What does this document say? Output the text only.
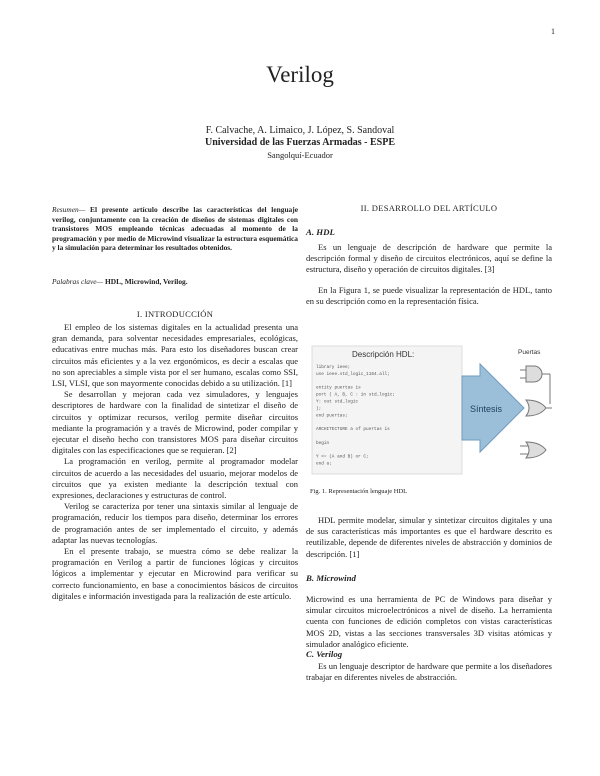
1
Verilog
F. Calvache, A. Limaico, J. López, S. Sandoval
Universidad de las Fuerzas Armadas - ESPE
Sangolquí-Ecuador
Resumen— El presente artículo describe las características del lenguaje verilog, conjuntamente con la creación de diseños de sistemas digitales con transistores MOS empleando técnicas adecuadas al momento de la programación y por medio de Microwind visualizar la estructura esquemática y la simulación para determinar los resultados obtenidos.
Palabras clave— HDL, Microwind, Verilog.
I. INTRODUCCIÓN

El empleo de los sistemas digitales en la actualidad presenta una gran demanda, para solventar necesidades empresariales, ecológicas, educativas entre muchas más. Para esto los diseñadores buscan crear circuitos más eficientes y a la vez ergonómicos, es decir a escalas que no son apreciables a simple vista por el ser humano, escalas como SSI, LSI, VLSI, que son mayormente conocidas debido a su utilización. [1]

Se desarrollan y mejoran cada vez simuladores, y lenguajes descriptores de hardware con la finalidad de sintetizar el diseño de circuitos y optimizar recursos, verilog permite diseñar circuitos mediante la programación y a través de Microwind, poder compilar y ejecutar el diseño hecho con transistores MOS para diseñar circuitos digitales con las especificaciones que se requieran. [2]

La programación en verilog, permite al programador modelar circuitos de acuerdo a las necesidades del usuario, mejorar modelos de circuitos que ya existen mediante la descripción textual con expresiones, declaraciones y estructuras de control.

Verilog se caracteriza por tener una sintaxis similar al lenguaje de programación, reducir los tiempos para diseño, determinar los errores de programación antes de ser implementado el circuito, y además adaptar las nuevas tecnologías.

En el presente trabajo, se muestra cómo se debe realizar la programación en Verilog a partir de funciones lógicas y circuitos lógicos a implementar y ejecutar en Microwind para verificar su correcto funcionamiento, en base a conocimientos básicos de circuitos digitales e información investigada para la realización de este artículo.

II. DESARROLLO DEL ARTÍCULO
A. HDL

Es un lenguaje de descripción de hardware que permite la descripción formal y diseño de circuitos electrónicos, aquí se define la estructura, diseño y operación de circuitos digitales. [3]

En la Figura 1, se puede visualizar la representación de HDL, tanto en su descripción como en la representación física.

Descripción HDL:
library ieee;
use ieee.std_logic_1164.all;
entity puertas is
port ( A, B, C : in std_logic;
Y: out std_logic
);
end puertas;
ARCHITECTURE a of puertas is
begin
Y <= (A and B) or C;
end a;
Síntesis
Puertas
Fig. 1. Representación lenguaje HDL

HDL permite modelar, simular y sintetizar circuitos digitales y una de sus características más importantes es que el hardware descrito es reutilizable, depende de diferentes niveles de abstracción y dominios de descripción. [1]

B. Microwind

Microwind es una herramienta de PC de Windows para diseñar y simular circuitos microelectrónicos a nivel de diseño. La herramienta cuenta con funciones de edición completos con vistas características MOS 2D, vistas a las secciones transversales 3D visitas atómicas y simulador analógico eficiente.

C. Verilog

Es un lenguaje descriptor de hardware que permite a los diseñadores trabajar en diferentes niveles de abstracción.
